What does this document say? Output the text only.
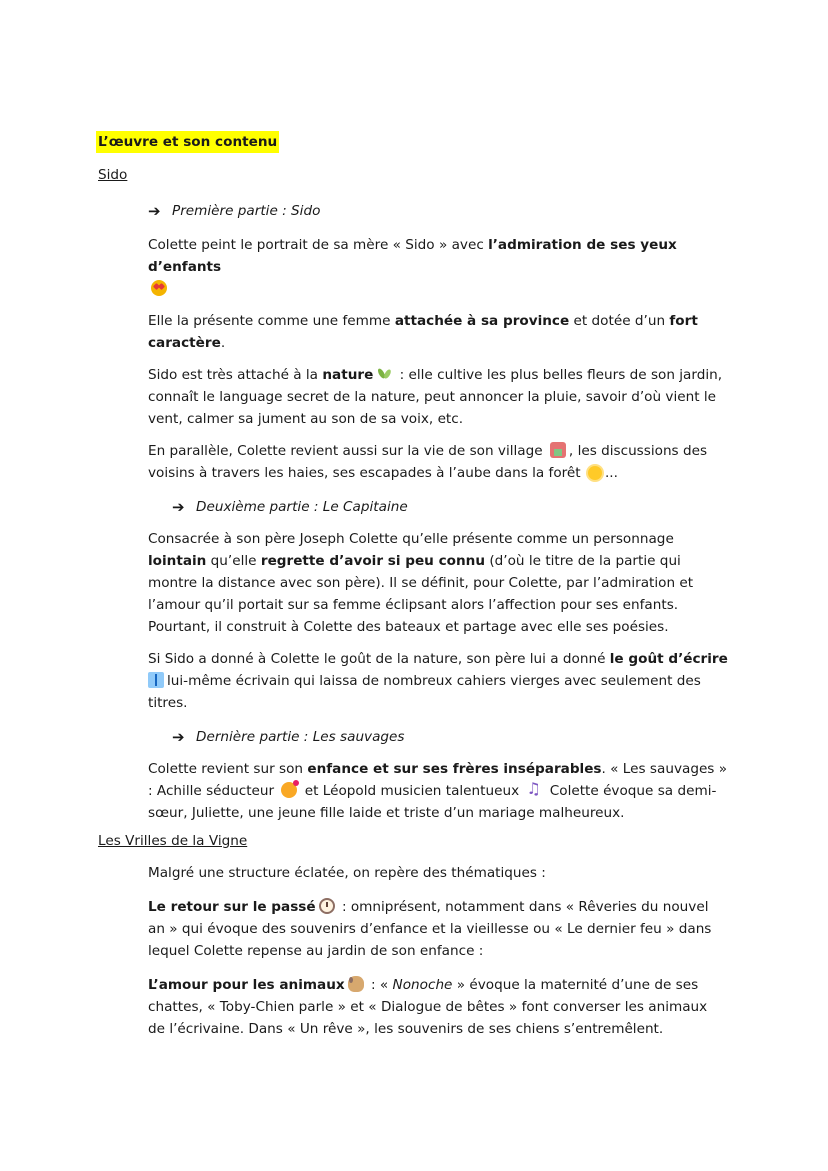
L’œuvre et son contenu
Sido
➔ Première partie : Sido

Colette peint le portrait de sa mère « Sido » avec l’admiration de ses yeux d’enfants

Elle la présente comme une femme attachée à sa province et dotée d’un fort caractère.

Sido est très attaché à la nature : elle cultive les plus belles fleurs de son jardin, connaît le language secret de la nature, peut annoncer la pluie, savoir d’où vient le vent, calmer sa jument au son de sa voix, etc.

En parallèle, Colette revient aussi sur la vie de son village , les discussions des voisins à travers les haies, ses escapades à l’aube dans la forêt ...

➔ Deuxième partie : Le Capitaine

Consacrée à son père Joseph Colette qu’elle présente comme un personnage lointain qu’elle regrette d’avoir si peu connu (d’où le titre de la partie qui montre la distance avec son père). Il se définit, pour Colette, par l’admiration et l’amour qu’il portait sur sa femme éclipsant alors l’affection pour ses enfants. Pourtant, il construit à Colette des bateaux et partage avec elle ses poésies.

Si Sido a donné à Colette le goût de la nature, son père lui a donné le goût d’écrire
lui-même écrivain qui laissa de nombreux cahiers vierges avec seulement des titres.

➔ Dernière partie : Les sauvages

Colette revient sur son enfance et sur ses frères inséparables. « Les sauvages » : Achille séducteur  et Léopold musicien talentueux ♫ Colette évoque sa demi-sœur, Juliette, une jeune fille laide et triste d’un mariage malheureux.

Les Vrilles de la Vigne

Malgré une structure éclatée, on repère des thématiques :

Le retour sur le passé : omniprésent, notamment dans « Rêveries du nouvel an » qui évoque des souvenirs d’enfance et la vieillesse ou « Le dernier feu » dans lequel Colette repense au jardin de son enfance :

L’amour pour les animaux : « Nonoche » évoque la maternité d’une de ses chattes, « Toby-Chien parle » et « Dialogue de bêtes » font converser les animaux de l’écrivaine. Dans « Un rêve », les souvenirs de ses chiens s’entremêlent.
